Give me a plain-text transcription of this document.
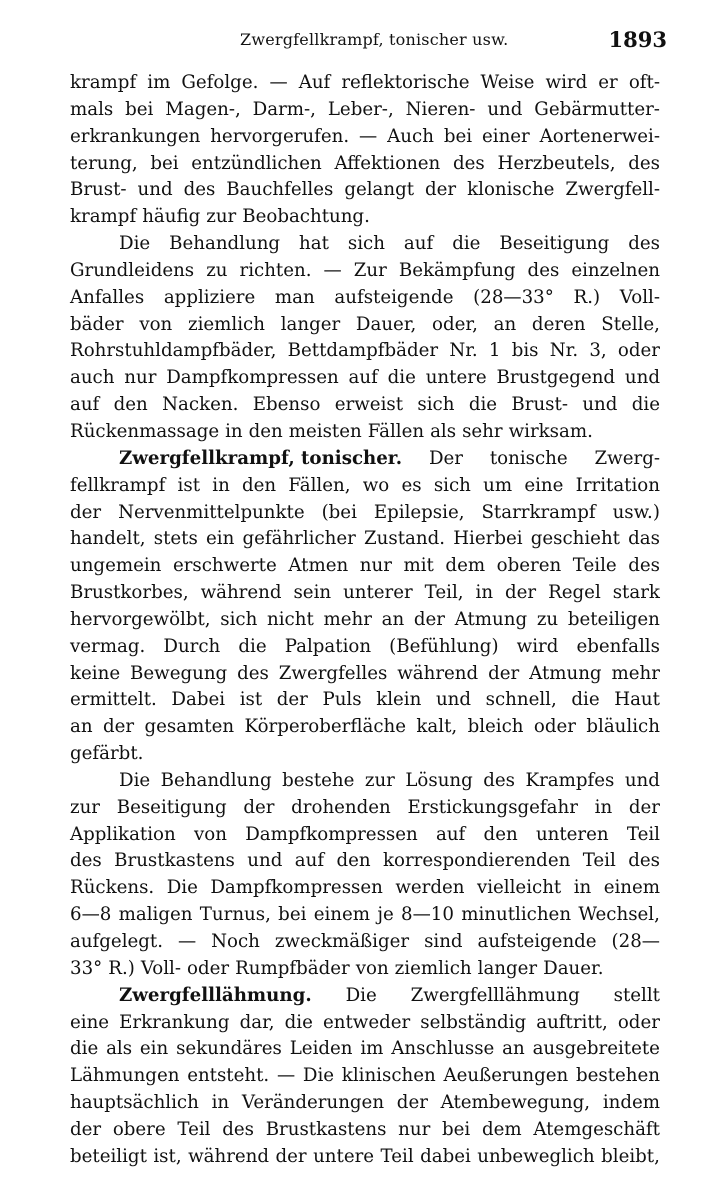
Zwergfellkrampf, tonischer usw.	1893
krampf im Gefolge. — Auf reflektorische Weise wird er oft-
mals bei Magen-, Darm-, Leber-, Nieren- und Gebärmutter-
erkrankungen hervorgerufen. — Auch bei einer Aortenerwei-
terung, bei entzündlichen Affektionen des Herzbeutels, des
Brust- und des Bauchfelles gelangt der klonische Zwergfell-
krampf häufig zur Beobachtung.
Die Behandlung hat sich auf die Beseitigung des
Grundleidens zu richten. — Zur Bekämpfung des einzelnen
Anfalles appliziere man aufsteigende (28—33° R.) Voll-
bäder von ziemlich langer Dauer, oder, an deren Stelle,
Rohrstuhldampfbäder, Bettdampfbäder Nr. 1 bis Nr. 3, oder
auch nur Dampfkompressen auf die untere Brustgegend und
auf den Nacken. Ebenso erweist sich die Brust- und die
Rückenmassage in den meisten Fällen als sehr wirksam.
Zwergfellkrampf, tonischer. Der tonische Zwerg-
fellkrampf ist in den Fällen, wo es sich um eine Irritation
der Nervenmittelpunkte (bei Epilepsie, Starrkrampf usw.)
handelt, stets ein gefährlicher Zustand. Hierbei geschieht das
ungemein erschwerte Atmen nur mit dem oberen Teile des
Brustkorbes, während sein unterer Teil, in der Regel stark
hervorgewölbt, sich nicht mehr an der Atmung zu beteiligen
vermag. Durch die Palpation (Befühlung) wird ebenfalls
keine Bewegung des Zwergfelles während der Atmung mehr
ermittelt. Dabei ist der Puls klein und schnell, die Haut
an der gesamten Körperoberfläche kalt, bleich oder bläulich
gefärbt.
Die Behandlung bestehe zur Lösung des Krampfes und
zur Beseitigung der drohenden Erstickungsgefahr in der
Applikation von Dampfkompressen auf den unteren Teil
des Brustkastens und auf den korrespondierenden Teil des
Rückens. Die Dampfkompressen werden vielleicht in einem
6—8 maligen Turnus, bei einem je 8—10 minutlichen Wechsel,
aufgelegt. — Noch zweckmäßiger sind aufsteigende (28—
33° R.) Voll- oder Rumpfbäder von ziemlich langer Dauer.
Zwergfelllähmung. Die Zwergfelllähmung stellt
eine Erkrankung dar, die entweder selbständig auftritt, oder
die als ein sekundäres Leiden im Anschlusse an ausgebreitete
Lähmungen entsteht. — Die klinischen Aeußerungen bestehen
hauptsächlich in Veränderungen der Atembewegung, indem
der obere Teil des Brustkastens nur bei dem Atemgeschäft
beteiligt ist, während der untere Teil dabei unbeweglich bleibt,
